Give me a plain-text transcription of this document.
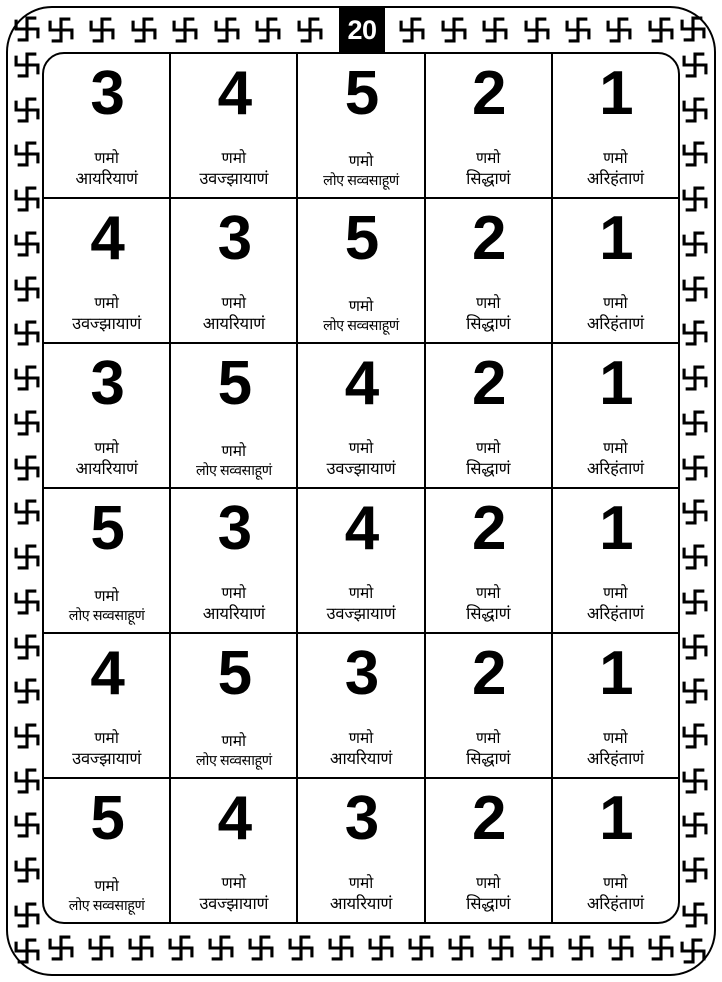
20
3
णमो
आयरियाणं
4
णमो
उवज्झायाणं
5
णमो
लोए सव्वसाहूणं
2
णमो
सिद्धाणं
1
णमो
अरिहंताणं
4
णमो
उवज्झायाणं
3
णमो
आयरियाणं
5
णमो
लोए सव्वसाहूणं
2
णमो
सिद्धाणं
1
णमो
अरिहंताणं
3
णमो
आयरियाणं
5
णमो
लोए सव्वसाहूणं
4
णमो
उवज्झायाणं
2
णमो
सिद्धाणं
1
णमो
अरिहंताणं
5
णमो
लोए सव्वसाहूणं
3
णमो
आयरियाणं
4
णमो
उवज्झायाणं
2
णमो
सिद्धाणं
1
णमो
अरिहंताणं
4
णमो
उवज्झायाणं
5
णमो
लोए सव्वसाहूणं
3
णमो
आयरियाणं
2
णमो
सिद्धाणं
1
णमो
अरिहंताणं
5
णमो
लोए सव्वसाहूणं
4
णमो
उवज्झायाणं
3
णमो
आयरियाणं
2
णमो
सिद्धाणं
1
णमो
अरिहंताणं
